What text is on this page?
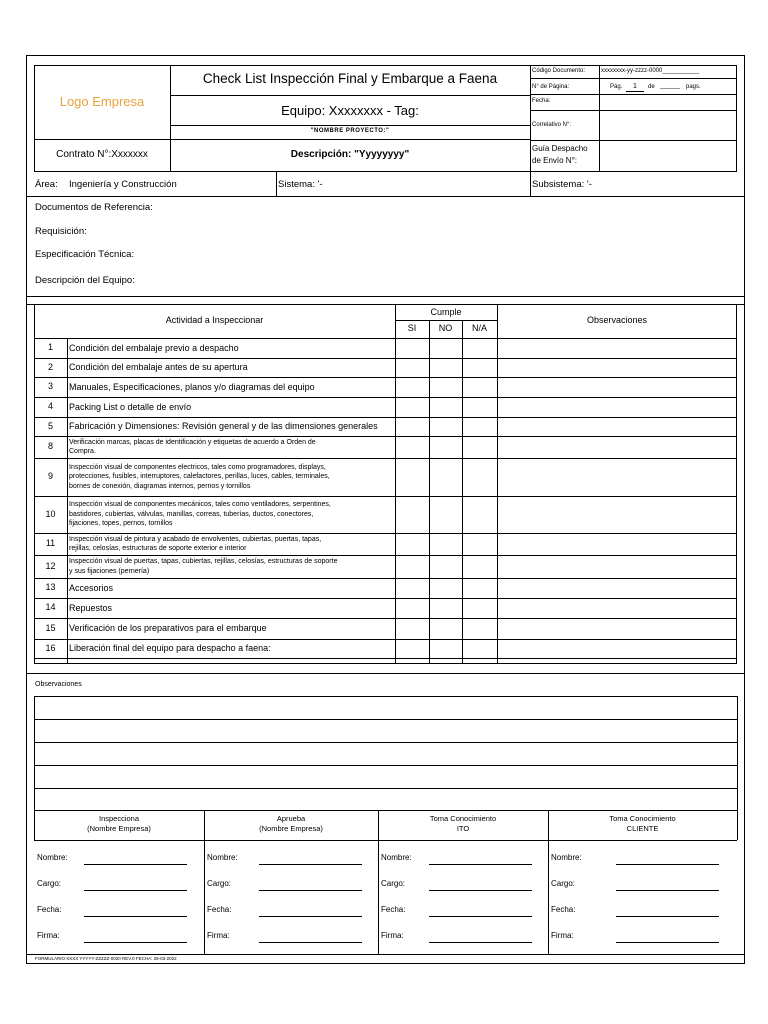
Logo Empresa
Check List Inspección Final y Embarque a Faena
Equipo: Xxxxxxxx - Tag:
"NOMBRE PROYECTO:"
Contrato N°:Xxxxxxx	Descripción: "Yyyyyyyy"
Código Documento:	xxxxxxxx-yy-zzzz-0000___________
N° de Página:	Pág.	1	de ______ pags.
Fecha:
Correlativo N°:
Guía Despacho
de Envío N°:
Área: Ingeniería y Construcción	Sistema: '-	Subsistema: '-
Documentos de Referencia:
Requisición:
Especificación Técnica:
Descripción del Equipo:
Actividad a Inspeccionar
Cumple
SI	NO	N/A
Observaciones
1	Condición del embalaje previo a despacho
2	Condición del embalaje antes de su apertura
3	Manuales, Especificaciones, planos y/o diagramas del equipo
4	Packing List o detalle de envío
5	Fabricación y Dimensiones: Revisión general y de las dimensiones generales
8	Verificación marcas, placas de identificación y etiquetas de acuerdo a Orden de
Compra.
9
Inspección visual de componentes electricos, tales como programadores, displays,
protecciones, fusibles, interruptores, calefactores, perillas, luces, cables, terminales,
bornes de conexión, diagramas internos, pernos y tornillos
10
Inspección visual de componentes mecánicos, tales como ventiladores, serpentines,
bastidores, cubiertas, válvulas, manillas, correas, tuberías, ductos, conectores,
fijaciones, topes, pernos, tornillos
11	Inspección visual de pintura y acabado de envolventes, cubiertas, puertas, tapas,
rejillas, celosías, estructuras de soporte exterior e interior
12	Inspección visual de puertas, tapas, cubiertas, rejillas, celosías, estructuras de soporte
y sus fijaciones (pernería)
13	Accesorios
14	Repuestos
15	Verificación de los preparativos para el embarque
16	Liberación final del equipo para despacho a faena:
Observaciones
Inspecciona
(Nombre Empresa)
Nombre:
Cargo:
Fecha:
Firma:
Aprueba
(Nombre Empresa)
Nombre:
Cargo:
Fecha:
Firma:
Toma Conocimiento
ITO
Nombre:
Cargo:
Fecha:
Firma:
Toma Conocimiento
CLIENTE
Nombre:
Cargo:
Fecha:
Firma:
FORMULARIO XXXX YYYYY-ZZZZZ-0020 REV.0 FECHA: 28-03-2022
